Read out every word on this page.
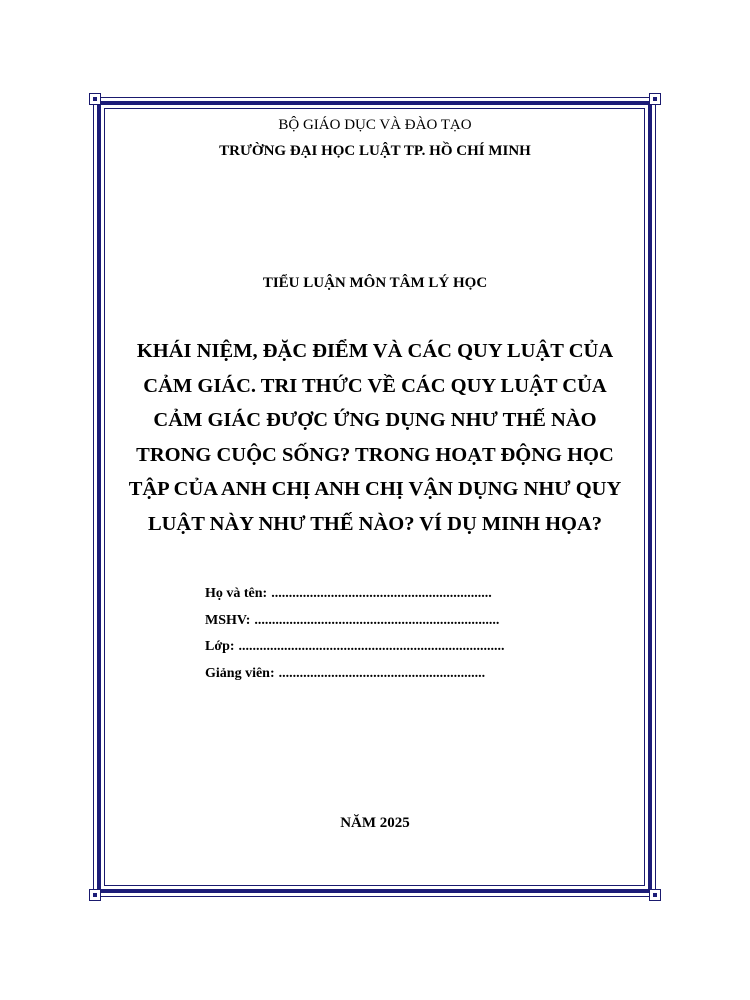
BỘ GIÁO DỤC VÀ ĐÀO TẠO
TRƯỜNG ĐẠI HỌC LUẬT TP. HỒ CHÍ MINH
TIỂU LUẬN MÔN TÂM LÝ HỌC
KHÁI NIỆM, ĐẶC ĐIỂM VÀ CÁC QUY LUẬT CỦA
CẢM GIÁC. TRI THỨC VỀ CÁC QUY LUẬT CỦA
CẢM GIÁC ĐƯỢC ỨNG DỤNG NHƯ THẾ NÀO
TRONG CUỘC SỐNG? TRONG HOẠT ĐỘNG HỌC
TẬP CỦA ANH CHỊ ANH CHỊ VẬN DỤNG NHƯ QUY
LUẬT NÀY NHƯ THẾ NÀO? VÍ DỤ MINH HỌA?
Họ và tên: ...............................................................
MSHV: ......................................................................
Lớp: ............................................................................
Giảng viên: ...........................................................
NĂM 2025
